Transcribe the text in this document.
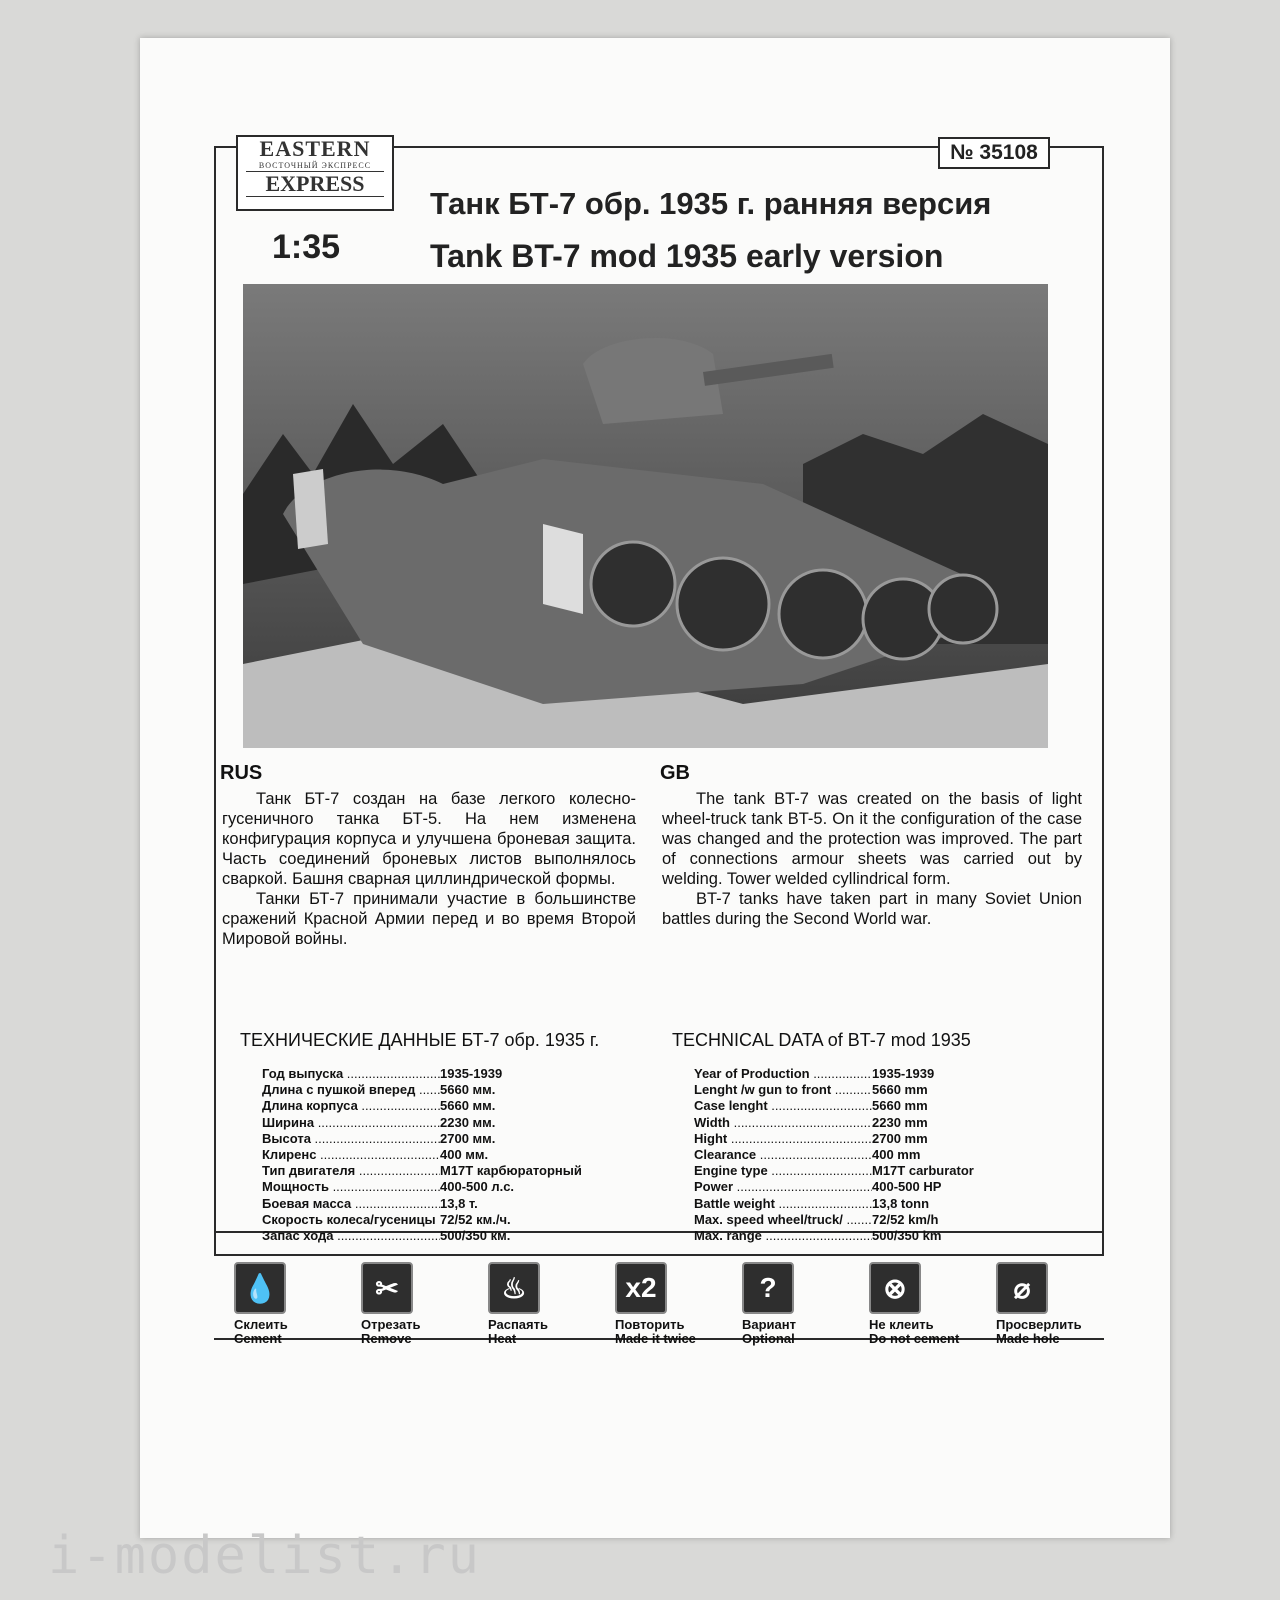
EASTERN
ВОСТОЧНЫЙ ЭКСПРЕСС
EXPRESS
№ 35108
1:35
Танк БТ-7 обр. 1935 г. ранняя версия
Tank BT-7 mod 1935 early version
RUS

Танк БТ-7 создан на базе легкого колесно-гусеничного танка БТ-5. На нем изменена конфигурация корпуса и улучшена броневая защита. Часть соединений броневых листов выполнялось сваркой. Башня сварная циллиндрической формы.

Танки БТ-7 принимали участие в большинстве сражений Красной Армии перед и во время Второй Мировой войны.

GB

The tank BT-7 was created on the basis of light wheel-truck tank BT-5. On it the configuration of the case was changed and the protection was improved. The part of connections armour sheets was carried out by welding. Tower welded cyllindrical form.

BT-7 tanks have taken part in many Soviet Union battles during the Second World war.

ТЕХНИЧЕСКИЕ ДАННЫЕ БТ-7 обр. 1935 г.
Год выпуска .....	1935-1939
Длина с пушкой вперед .....	5660 мм.
Длина корпуса .....	5660 мм.
Ширина .....	2230 мм.
Высота .....	2700 мм.
Клиренс .....	400 мм.
Тип двигателя .....	М17Т карбюраторный
Мощность .....	400-500 л.с.
Боевая масса .....	13,8 т.
Скорость колеса/гусеницы ..... 72/52 км./ч.
Запас хода .....	500/350 км.
TECHNICAL DATA of BT-7 mod 1935
Year of Production .....	1935-1939
Lenght /w gun to front .....	5660 mm
Case lenght .....	5660 mm
Width .....	2230 mm
Hight .....	2700 mm
Clearance .....	400 mm
Engine type .....	M17T carburator
Power .....	400-500 HP
Battle weight .....	13,8 tonn
Max. speed wheel/truck/ .....	72/52 km/h
Max. range .....	500/350 km
💧
Склеить
Cement
✂
Отрезать
Remove
♨
Распаять
Heat
x2
Повторить
Made it twice
?
Вариант
Optional
⊗
Не клеить
Do not cement
⌀
Просверлить
Made hole
i-modelist.ru
